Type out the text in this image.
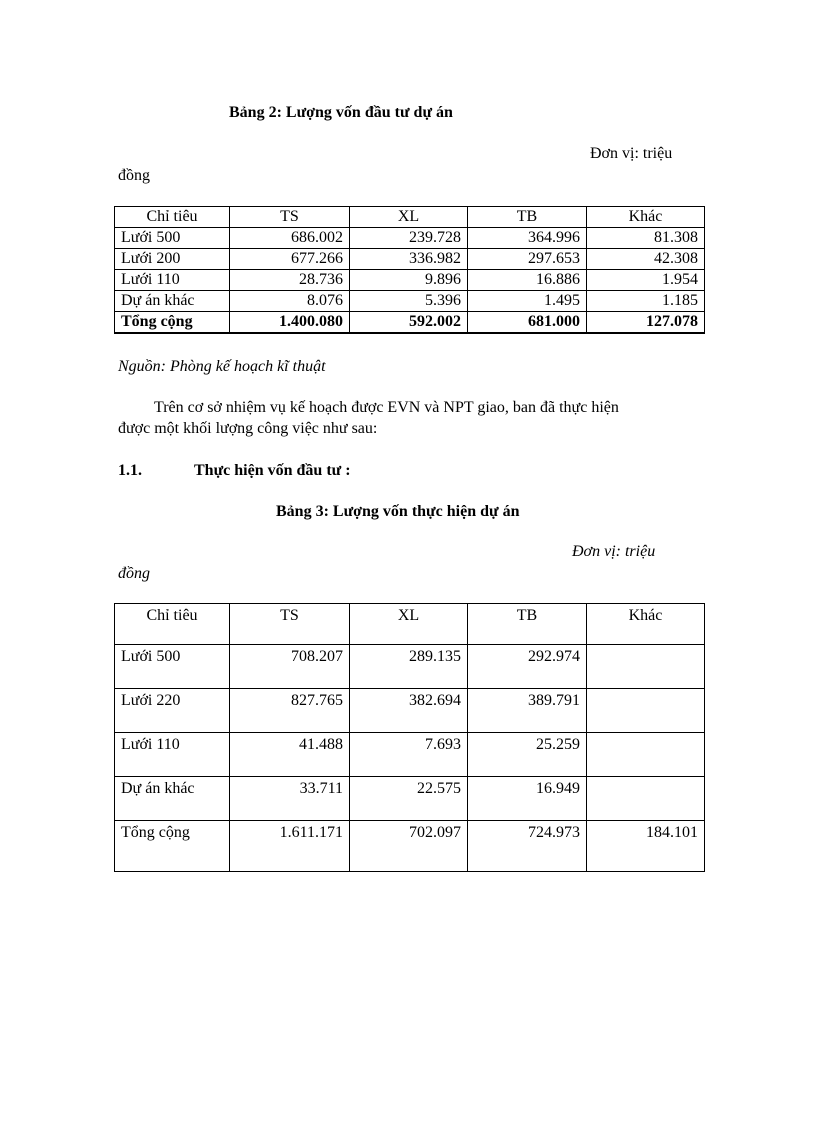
Bảng 2: Lượng vốn đầu tư dự án
Đơn vị: triệu
đồng
Chỉ tiêu	TS	XL	TB	Khác
Lưới 500	686.002	239.728	364.996	81.308
Lưới 200	677.266	336.982	297.653	42.308
Lưới 110	28.736	9.896	16.886	1.954
Dự án khác	8.076	5.396	1.495	1.185
Tổng cộng	1.400.080	592.002	681.000	127.078
Nguồn: Phòng kế hoạch kĩ thuật
Trên cơ sở nhiệm vụ kế hoạch được EVN và NPT giao, ban đã thực hiện
được một khối lượng công việc như sau:
1.1.	Thực hiện vốn đầu tư :
Bảng 3: Lượng vốn thực hiện dự án
Đơn vị: triệu
đồng
Chỉ tiêu	TS	XL	TB	Khác
Lưới 500	708.207	289.135	292.974	
Lưới 220	827.765	382.694	389.791	
Lưới 110	41.488	7.693	25.259	
Dự án khác	33.711	22.575	16.949	
Tổng cộng	1.611.171	702.097	724.973	184.101
